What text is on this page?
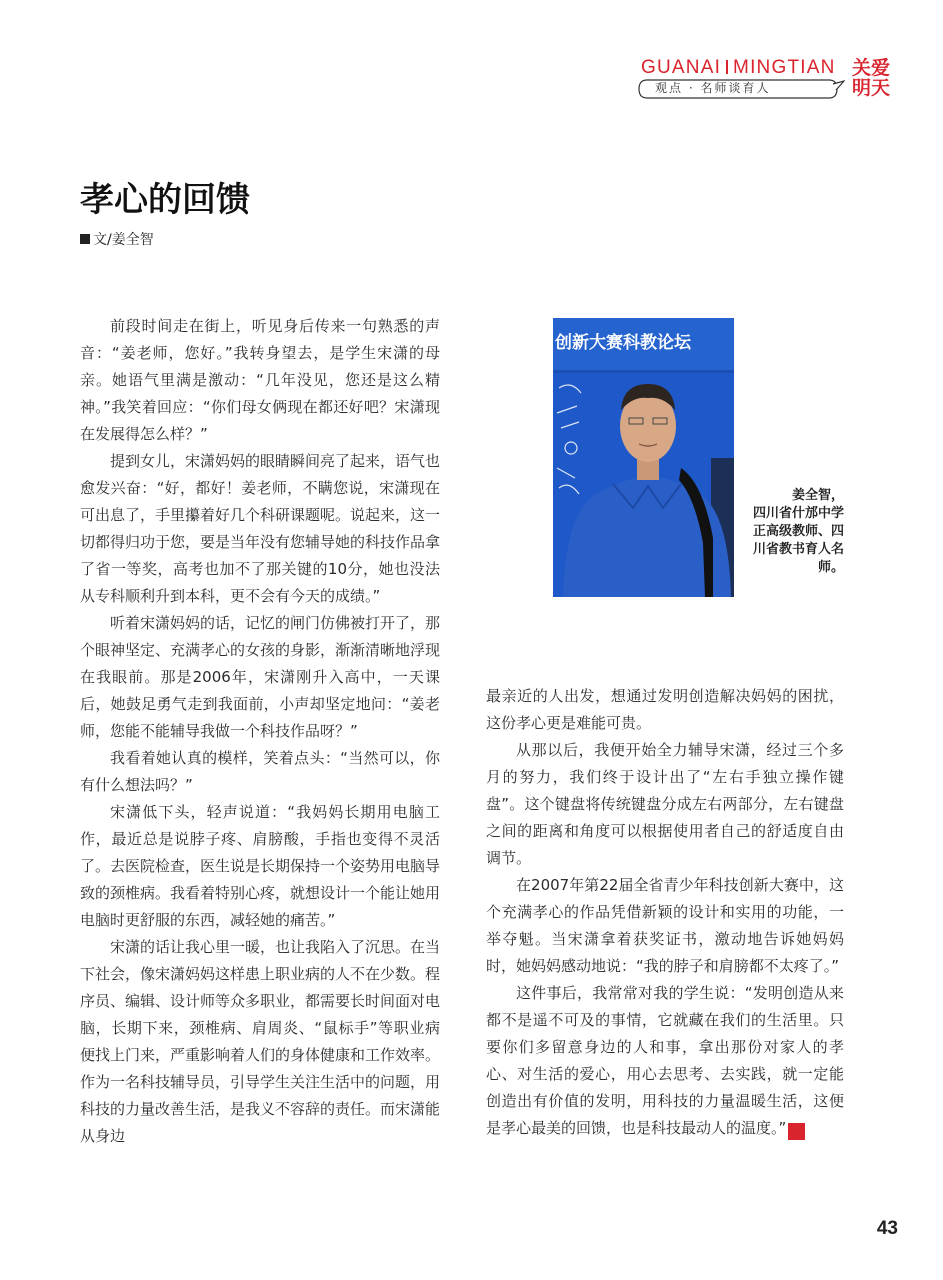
GUANAI MINGTIAN
观点 · 名师谈育人
关爱
明天
孝心的回馈
文/姜全智

前段时间走在街上，听见身后传来一句熟悉的声音：“姜老师，您好。”我转身望去，是学生宋潇的母亲。她语气里满是激动：“几年没见，您还是这么精神。”我笑着回应：“你们母女俩现在都还好吧？宋潇现在发展得怎么样？”

提到女儿，宋潇妈妈的眼睛瞬间亮了起来，语气也愈发兴奋：“好，都好！姜老师，不瞒您说，宋潇现在可出息了，手里攥着好几个科研课题呢。说起来，这一切都得归功于您，要是当年没有您辅导她的科技作品拿了省一等奖，高考也加不了那关键的10分，她也没法从专科顺利升到本科，更不会有今天的成绩。”

听着宋潇妈妈的话，记忆的闸门仿佛被打开了，那个眼神坚定、充满孝心的女孩的身影，渐渐清晰地浮现在我眼前。那是2006年，宋潇刚升入高中，一天课后，她鼓足勇气走到我面前，小声却坚定地问：“姜老师，您能不能辅导我做一个科技作品呀？”

我看着她认真的模样，笑着点头：“当然可以，你有什么想法吗？”

宋潇低下头，轻声说道：“我妈妈长期用电脑工作，最近总是说脖子疼、肩膀酸，手指也变得不灵活了。去医院检查，医生说是长期保持一个姿势用电脑导致的颈椎病。我看着特别心疼，就想设计一个能让她用电脑时更舒服的东西，减轻她的痛苦。”

宋潇的话让我心里一暖，也让我陷入了沉思。在当下社会，像宋潇妈妈这样患上职业病的人不在少数。程序员、编辑、设计师等众多职业，都需要长时间面对电脑，长期下来，颈椎病、肩周炎、“鼠标手”等职业病便找上门来，严重影响着人们的身体健康和工作效率。作为一名科技辅导员，引导学生关注生活中的问题，用科技的力量改善生活，是我义不容辞的责任。而宋潇能从身边

创新大赛科教论坛
姜全智，
四川省什邡中学正高级教师、四川省教书育人名师。

最亲近的人出发，想通过发明创造解决妈妈的困扰，这份孝心更是难能可贵。

从那以后，我便开始全力辅导宋潇，经过三个多月的努力，我们终于设计出了“左右手独立操作键盘”。这个键盘将传统键盘分成左右两部分，左右键盘之间的距离和角度可以根据使用者自己的舒适度自由调节。

在2007年第22届全省青少年科技创新大赛中，这个充满孝心的作品凭借新颖的设计和实用的功能，一举夺魁。当宋潇拿着获奖证书，激动地告诉她妈妈时，她妈妈感动地说：“我的脖子和肩膀都不太疼了。”

这件事后，我常常对我的学生说：“发明创造从来都不是遥不可及的事情，它就藏在我们的生活里。只要你们多留意身边的人和事，拿出那份对家人的孝心、对生活的爱心，用心去思考、去实践，就一定能创造出有价值的发明，用科技的力量温暖生活，这便是孝心最美的回馈，也是科技最动人的温度。”	关

43
